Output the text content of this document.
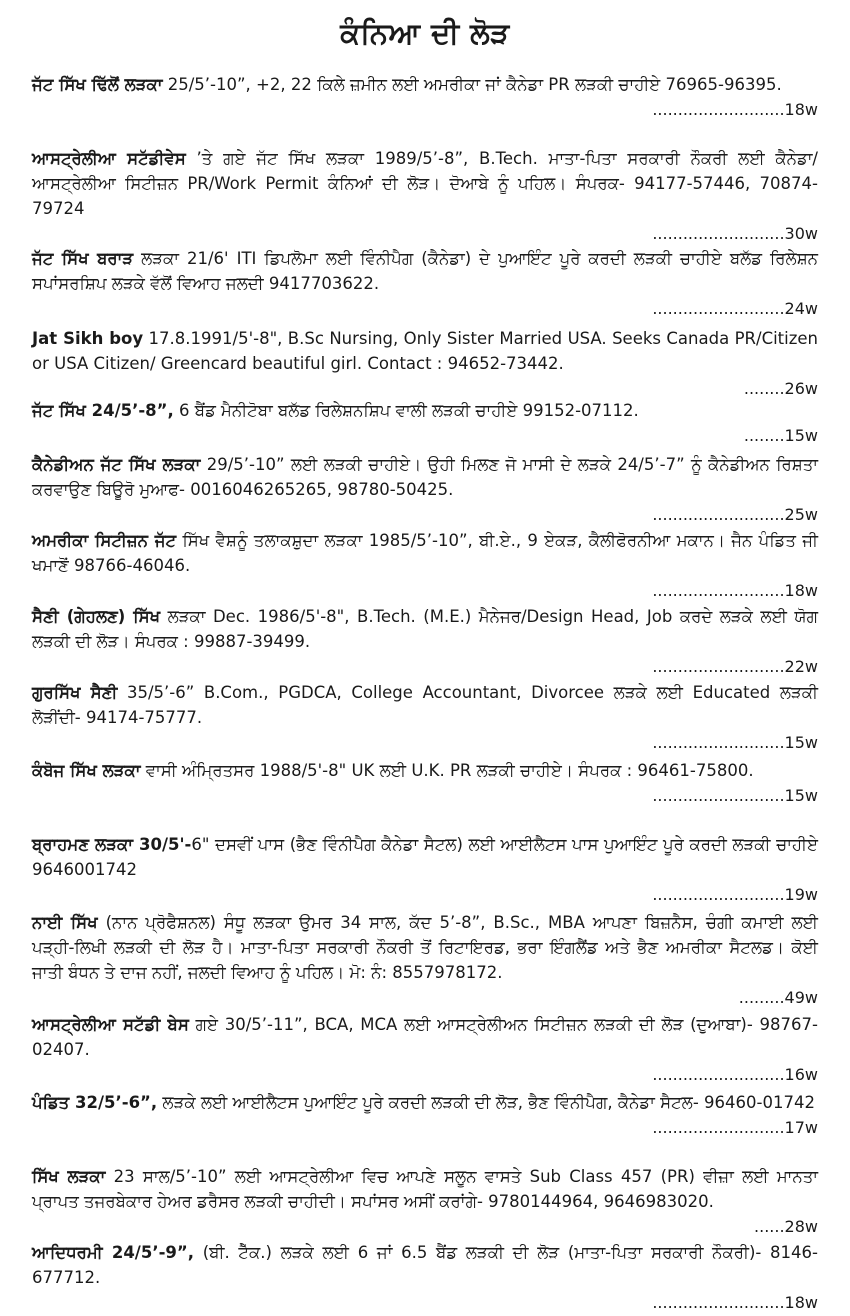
ਕੰਨਿਆ ਦੀ ਲੋੜ
ਜੱਟ ਸਿੱਖ ਢਿੱਲੋਂ ਲੜਕਾ 25/5’-10”, +2, 22 ਕਿਲੇ ਜ਼ਮੀਨ ਲਈ ਅਮਰੀਕਾ ਜਾਂ ਕੈਨੇਡਾ PR ਲੜਕੀ ਚਾਹੀਏ 76965-96395.
..........................18w
ਆਸਟ੍ਰੇਲੀਆ ਸਟੱਡੀਵੇਸ ’ਤੇ ਗਏ ਜੱਟ ਸਿੱਖ ਲੜਕਾ 1989/5’-8”, B.Tech. ਮਾਤਾ-ਪਿਤਾ ਸਰਕਾਰੀ ਨੌਕਰੀ ਲਈ ਕੈਨੇਡਾ/ਆਸਟ੍ਰੇਲੀਆ ਸਿਟੀਜ਼ਨ PR/Work Permit ਕੰਨਿਆਂ ਦੀ ਲੋੜ। ਦੋਆਬੇ ਨੂੰ ਪਹਿਲ। ਸੰਪਰਕ- 94177-57446, 70874-79724
..........................30w
ਜੱਟ ਸਿੱਖ ਬਰਾੜ ਲੜਕਾ 21/6' ITI ਡਿਪਲੋਮਾ ਲਈ ਵਿੰਨੀਪੈਗ (ਕੈਨੇਡਾ) ਦੇ ਪੁਆਇੰਟ ਪੂਰੇ ਕਰਦੀ ਲੜਕੀ ਚਾਹੀਏ ਬਲੱਡ ਰਿਲੇਸ਼ਨ ਸਪਾਂਸਰਸ਼ਿਪ ਲੜਕੇ ਵੱਲੋਂ ਵਿਆਹ ਜਲਦੀ 9417703622.
..........................24w
Jat Sikh boy 17.8.1991/5'-8", B.Sc Nursing, Only Sister Married USA. Seeks Canada PR/Citizen or USA Citizen/ Greencard beautiful girl. Contact : 94652-73442.
........26w
ਜੱਟ ਸਿੱਖ 24/5’-8”, 6 ਬੈਂਡ ਮੈਨੀਟੋਬਾ ਬਲੱਡ ਰਿਲੇਸ਼ਨਸ਼ਿਪ ਵਾਲੀ ਲੜਕੀ ਚਾਹੀਏ 99152-07112.
........15w
ਕੈਨੇਡੀਅਨ ਜੱਟ ਸਿੱਖ ਲੜਕਾ 29/5’-10” ਲਈ ਲੜਕੀ ਚਾਹੀਏ। ਉਹੀ ਮਿਲਣ ਜੋ ਮਾਸੀ ਦੇ ਲੜਕੇ 24/5’-7” ਨੂੰ ਕੈਨੇਡੀਅਨ ਰਿਸ਼ਤਾ ਕਰਵਾਉਣ ਬਿਊਰੋ ਮੁਆਫ- 0016046265265, 98780-50425.
..........................25w
ਅਮਰੀਕਾ ਸਿਟੀਜ਼ਨ ਜੱਟ ਸਿੱਖ ਵੈਸ਼ਨੂੰ ਤਲਾਕਸ਼ੁਦਾ ਲੜਕਾ 1985/5’-10”, ਬੀ.ਏ., 9 ਏਕੜ, ਕੈਲੀਫੋਰਨੀਆ ਮਕਾਨ। ਜੈਨ ਪੰਡਿਤ ਜੀ ਖਮਾਣੋਂ 98766-46046.
..........................18w
ਸੈਣੀ (ਗੇਹਲਣ) ਸਿੱਖ ਲੜਕਾ Dec. 1986/5'-8", B.Tech. (M.E.) ਮੈਨੇਜਰ/Design Head, Job ਕਰਦੇ ਲੜਕੇ ਲਈ ਯੋਗ ਲੜਕੀ ਦੀ ਲੋੜ। ਸੰਪਰਕ : 99887-39499.
..........................22w
ਗੁਰਸਿੱਖ ਸੈਣੀ 35/5’-6” B.Com., PGDCA, College Accountant, Divorcee ਲੜਕੇ ਲਈ Educated ਲੜਕੀ ਲੋੜੀਂਦੀ- 94174-75777.
..........................15w
ਕੰਬੋਜ ਸਿੱਖ ਲੜਕਾ ਵਾਸੀ ਅੰਮ੍ਰਿਤਸਰ 1988/5'-8" UK ਲਈ U.K. PR ਲੜਕੀ ਚਾਹੀਏ। ਸੰਪਰਕ : 96461-75800.
..........................15w
ਬ੍ਰਾਹਮਣ ਲੜਕਾ 30/5'-6" ਦਸਵੀਂ ਪਾਸ (ਭੈਣ ਵਿੰਨੀਪੈਗ ਕੈਨੇਡਾ ਸੈਟਲ) ਲਈ ਆਈਲੈਟਸ ਪਾਸ ਪੁਆਇੰਟ ਪੂਰੇ ਕਰਦੀ ਲੜਕੀ ਚਾਹੀਏ 9646001742
..........................19w
ਨਾਈ ਸਿੱਖ (ਨਾਨ ਪ੍ਰੋਫੈਸ਼ਨਲ) ਸੰਧੂ ਲੜਕਾ ਉਮਰ 34 ਸਾਲ, ਕੱਦ 5’-8”, B.Sc., MBA ਆਪਣਾ ਬਿਜ਼ਨੈਸ, ਚੰਗੀ ਕਮਾਈ ਲਈ ਪੜ੍ਹੀ-ਲਿਖੀ ਲੜਕੀ ਦੀ ਲੋੜ ਹੈ। ਮਾਤਾ-ਪਿਤਾ ਸਰਕਾਰੀ ਨੌਕਰੀ ਤੋਂ ਰਿਟਾਇਰਡ, ਭਰਾ ਇੰਗਲੈਂਡ ਅਤੇ ਭੈਣ ਅਮਰੀਕਾ ਸੈਟਲਡ। ਕੋਈ ਜਾਤੀ ਬੰਧਨ ਤੇ ਦਾਜ ਨਹੀਂ, ਜਲਦੀ ਵਿਆਹ ਨੂੰ ਪਹਿਲ। ਮੋ: ਨੰ: 8557978172.
.........49w
ਆਸਟ੍ਰੇਲੀਆ ਸਟੱਡੀ ਬੇਸ ਗਏ 30/5’-11”, BCA, MCA ਲਈ ਆਸਟ੍ਰੇਲੀਅਨ ਸਿਟੀਜ਼ਨ ਲੜਕੀ ਦੀ ਲੋੜ (ਦੁਆਬਾ)- 98767-02407.
..........................16w
ਪੰਡਿਤ 32/5’-6”, ਲੜਕੇ ਲਈ ਆਈਲੈਟਸ ਪੁਆਇੰਟ ਪੂਰੇ ਕਰਦੀ ਲੜਕੀ ਦੀ ਲੋੜ, ਭੈਣ ਵਿੰਨੀਪੈਗ, ਕੈਨੇਡਾ ਸੈਟਲ- 96460-01742
..........................17w
ਸਿੱਖ ਲੜਕਾ 23 ਸਾਲ/5’-10” ਲਈ ਆਸਟ੍ਰੇਲੀਆ ਵਿਚ ਆਪਣੇ ਸਲੂਨ ਵਾਸਤੇ Sub Class 457 (PR) ਵੀਜ਼ਾ ਲਈ ਮਾਨਤਾ ਪ੍ਰਾਪਤ ਤਜਰਬੇਕਾਰ ਹੇਅਰ ਡਰੈਸਰ ਲੜਕੀ ਚਾਹੀਦੀ। ਸਪਾਂਸਰ ਅਸੀਂ ਕਰਾਂਗੇ- 9780144964, 9646983020.
......28w
ਆਦਿਧਰਮੀ 24/5’-9”, (ਬੀ. ਟੈੱਕ.) ਲੜਕੇ ਲਈ 6 ਜਾਂ 6.5 ਬੈਂਡ ਲੜਕੀ ਦੀ ਲੋੜ (ਮਾਤਾ-ਪਿਤਾ ਸਰਕਾਰੀ ਨੌਕਰੀ)- 8146-677712.
..........................18w
